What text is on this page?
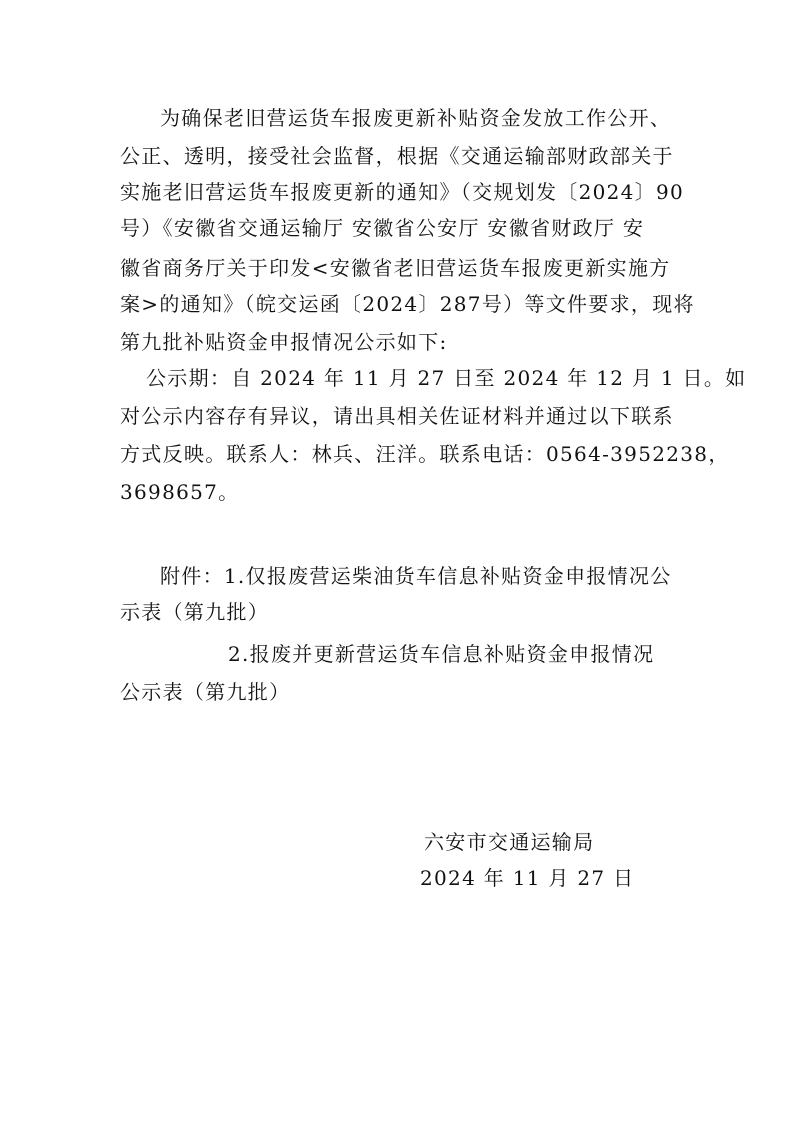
为确保老旧营运货车报废更新补贴资金发放工作公开、
公正、透明，接受社会监督，根据《交通运输部财政部关于
实施老旧营运货车报废更新的通知》（交规划发〔2024〕90
号）《安徽省交通运输厅 安徽省公安厅 安徽省财政厅 安
徽省商务厅关于印发<安徽省老旧营运货车报废更新实施方
案>的通知》（皖交运函〔2024〕287号）等文件要求，现将
第九批补贴资金申报情况公示如下:
公示期：自 2024 年 11 月 27 日至 2024 年 12 月 1 日。如
对公示内容存有异议，请出具相关佐证材料并通过以下联系
方式反映。联系人：林兵、汪洋。联系电话：0564-3952238，
3698657。
附件：1.仅报废营运柴油货车信息补贴资金申报情况公
示表（第九批）
2.报废并更新营运货车信息补贴资金申报情况
公示表（第九批）
六安市交通运输局
2024 年 11 月 27 日
